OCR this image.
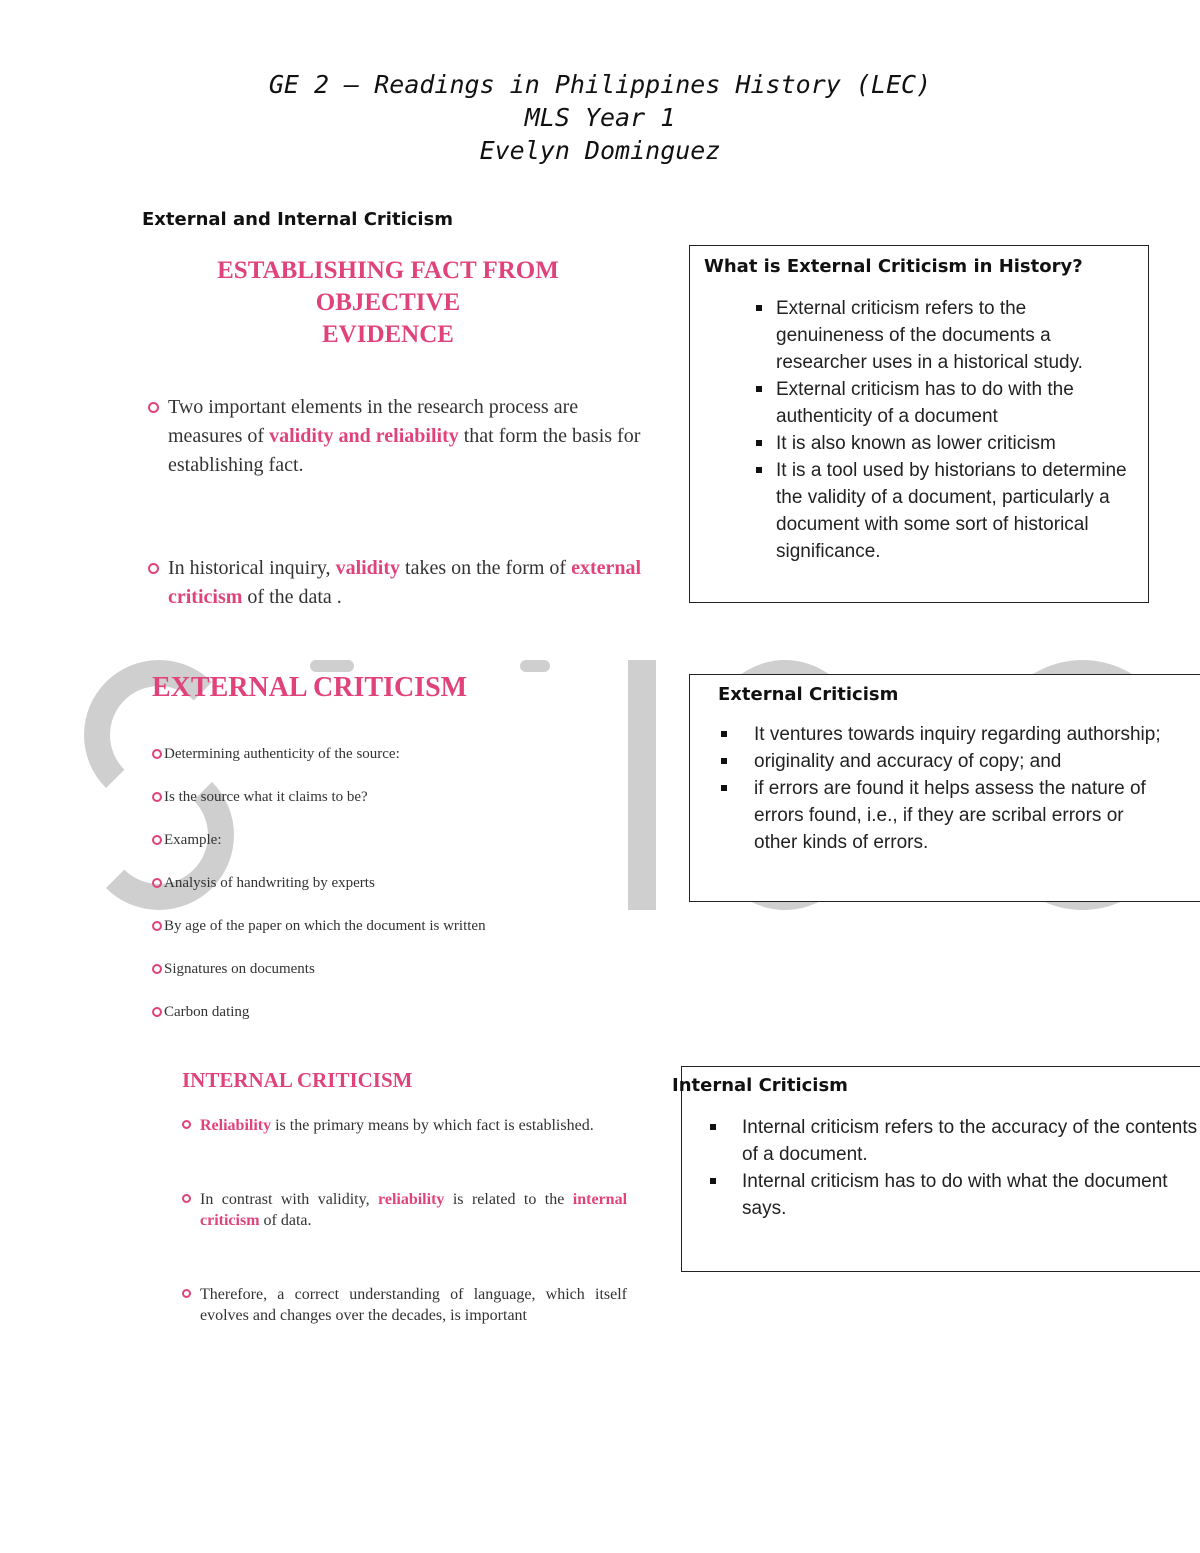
GE 2 – Readings in Philippines History (LEC)
MLS Year 1
Evelyn Dominguez
External and Internal Criticism
ESTABLISHING FACT FROM OBJECTIVE
EVIDENCE
Two important elements in the research process are measures of validity and reliability that form the basis for establishing fact.
In historical inquiry, validity takes on the form of external criticism of the data .
EXTERNAL CRITICISM
Determining authenticity of the source:
Is the source what it claims to be?
Example:
Analysis of handwriting by experts
By age of the paper on which the document is written
Signatures on documents
Carbon dating
INTERNAL CRITICISM
Reliability is the primary means by which fact is established.
In contrast with validity, reliability is related to the internal criticism of data.
Therefore, a correct understanding of language, which itself evolves and changes over the decades, is important
What is External Criticism in History?
External criticism refers to the genuineness of the documents a researcher uses in a historical study.
External criticism has to do with the authenticity of a document
It is also known as lower criticism
It is a tool used by historians to determine the validity of a document, particularly a document with some sort of historical significance.
External Criticism
It ventures towards inquiry regarding authorship;
originality and accuracy of copy; and
if errors are found it helps assess the nature of errors found, i.e., if they are scribal errors or other kinds of errors.
Internal Criticism
Internal criticism refers to the accuracy of the contents of a document.
Internal criticism has to do with what the document says.
